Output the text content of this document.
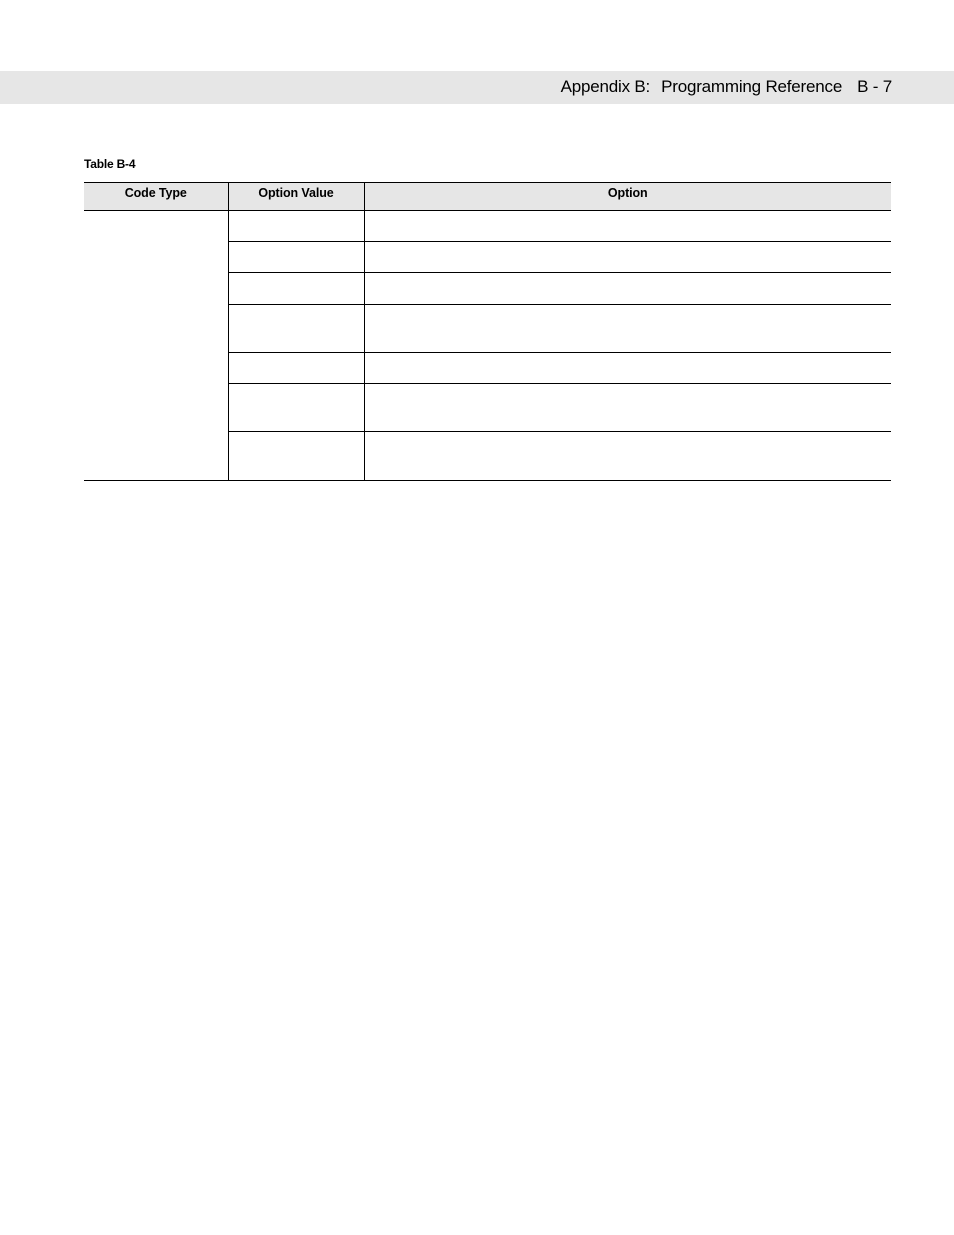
Appendix B: Programming Reference B - 7
Table B-4
Code Type	Option Value	Option
